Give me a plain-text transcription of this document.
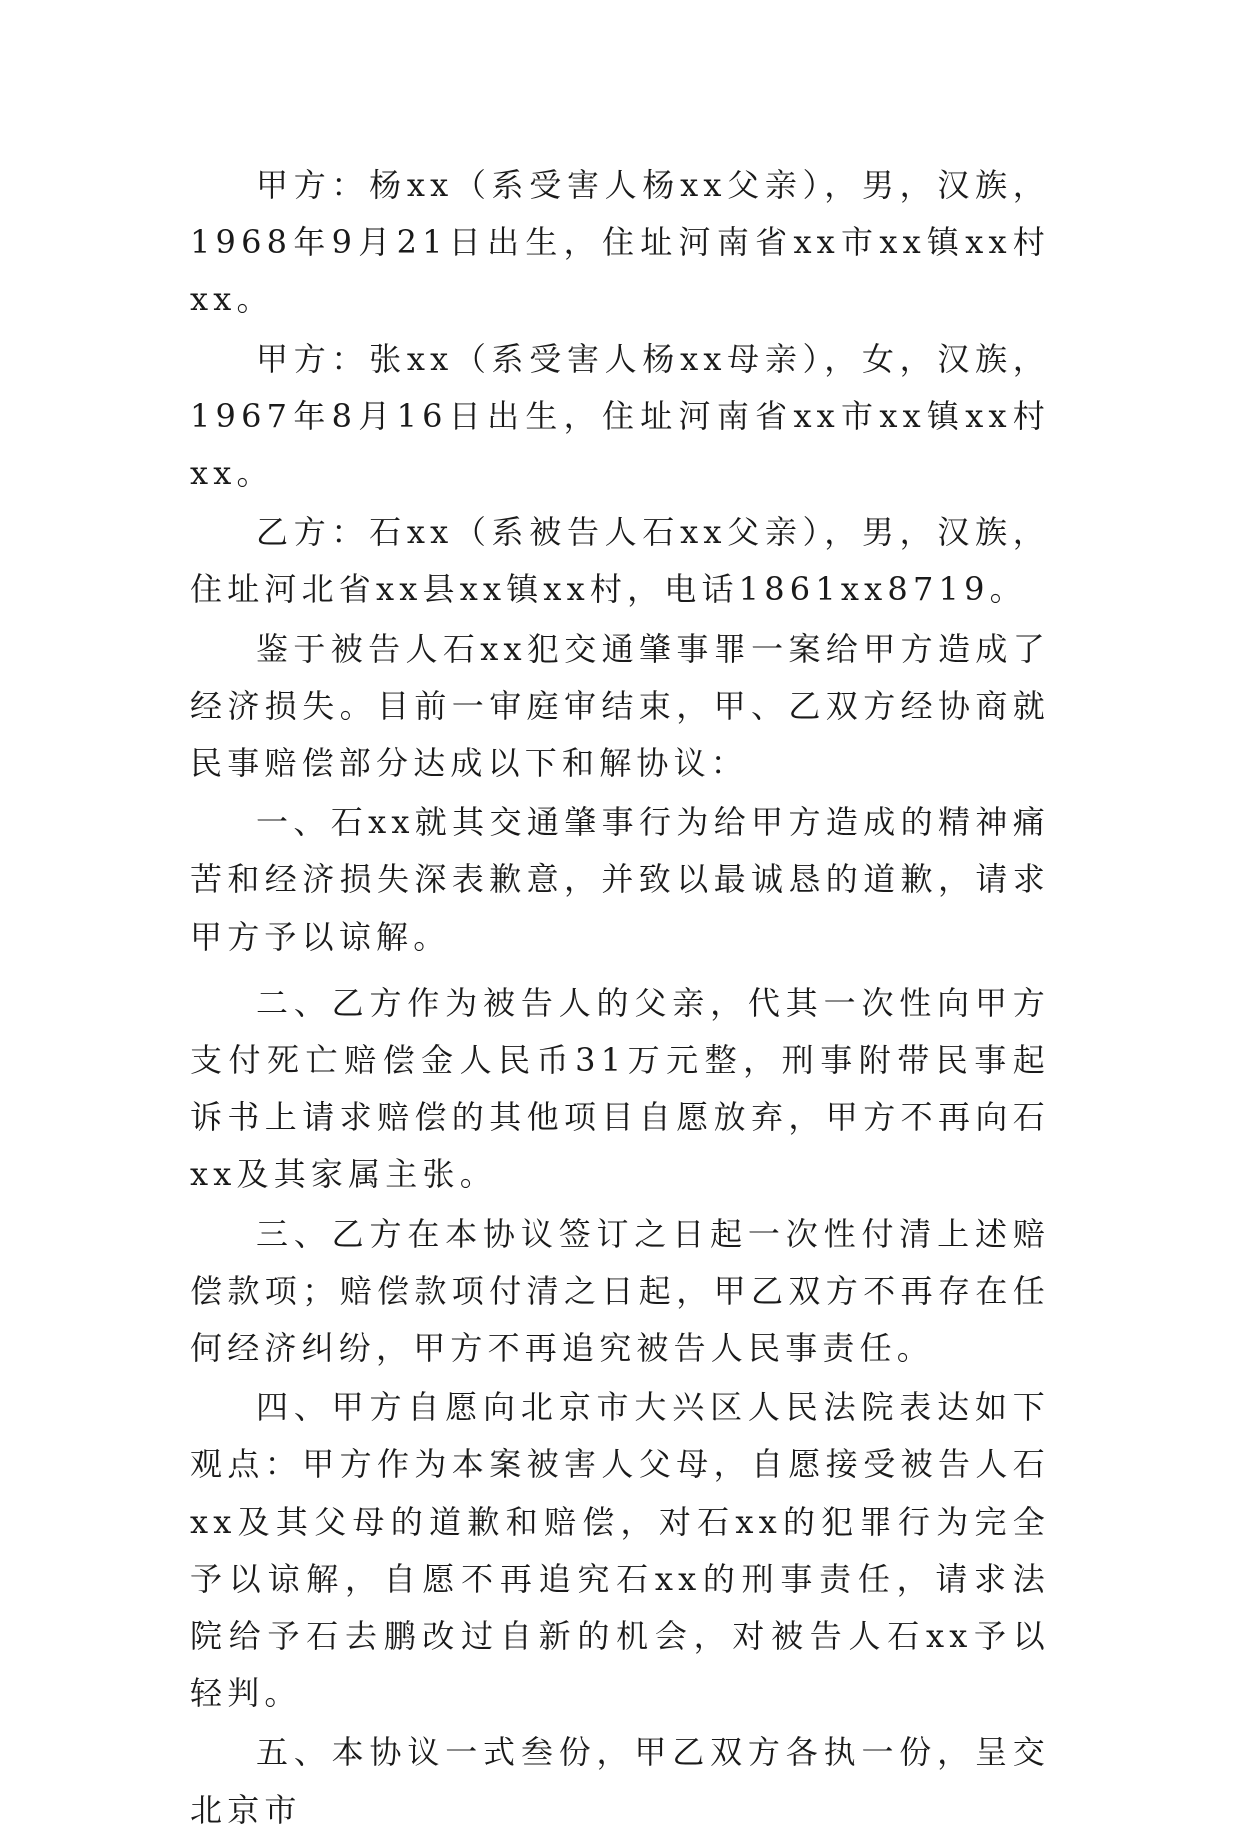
甲方：杨xx（系受害人杨xx父亲），男，汉族，1968年9月21日出生，住址河南省xx市xx镇xx村xx。

甲方：张xx（系受害人杨xx母亲），女，汉族，1967年8月16日出生，住址河南省xx市xx镇xx村xx。

乙方：石xx（系被告人石xx父亲），男，汉族，住址河北省xx县xx镇xx村，电话1861xx8719。

鉴于被告人石xx犯交通肇事罪一案给甲方造成了经济损失。目前一审庭审结束，甲、乙双方经协商就民事赔偿部分达成以下和解协议：

一、石xx就其交通肇事行为给甲方造成的精神痛苦和经济损失深表歉意，并致以最诚恳的道歉，请求甲方予以谅解。

二、乙方作为被告人的父亲，代其一次性向甲方支付死亡赔偿金人民币31万元整，刑事附带民事起诉书上请求赔偿的其他项目自愿放弃，甲方不再向石xx及其家属主张。

三、乙方在本协议签订之日起一次性付清上述赔偿款项；赔偿款项付清之日起，甲乙双方不再存在任何经济纠纷，甲方不再追究被告人民事责任。

四、甲方自愿向北京市大兴区人民法院表达如下观点：甲方作为本案被害人父母，自愿接受被告人石xx及其父母的道歉和赔偿，对石xx的犯罪行为完全予以谅解，自愿不再追究石xx的刑事责任，请求法院给予石去鹏改过自新的机会，对被告人石xx予以轻判。

五、本协议一式叁份，甲乙双方各执一份，呈交北京市
